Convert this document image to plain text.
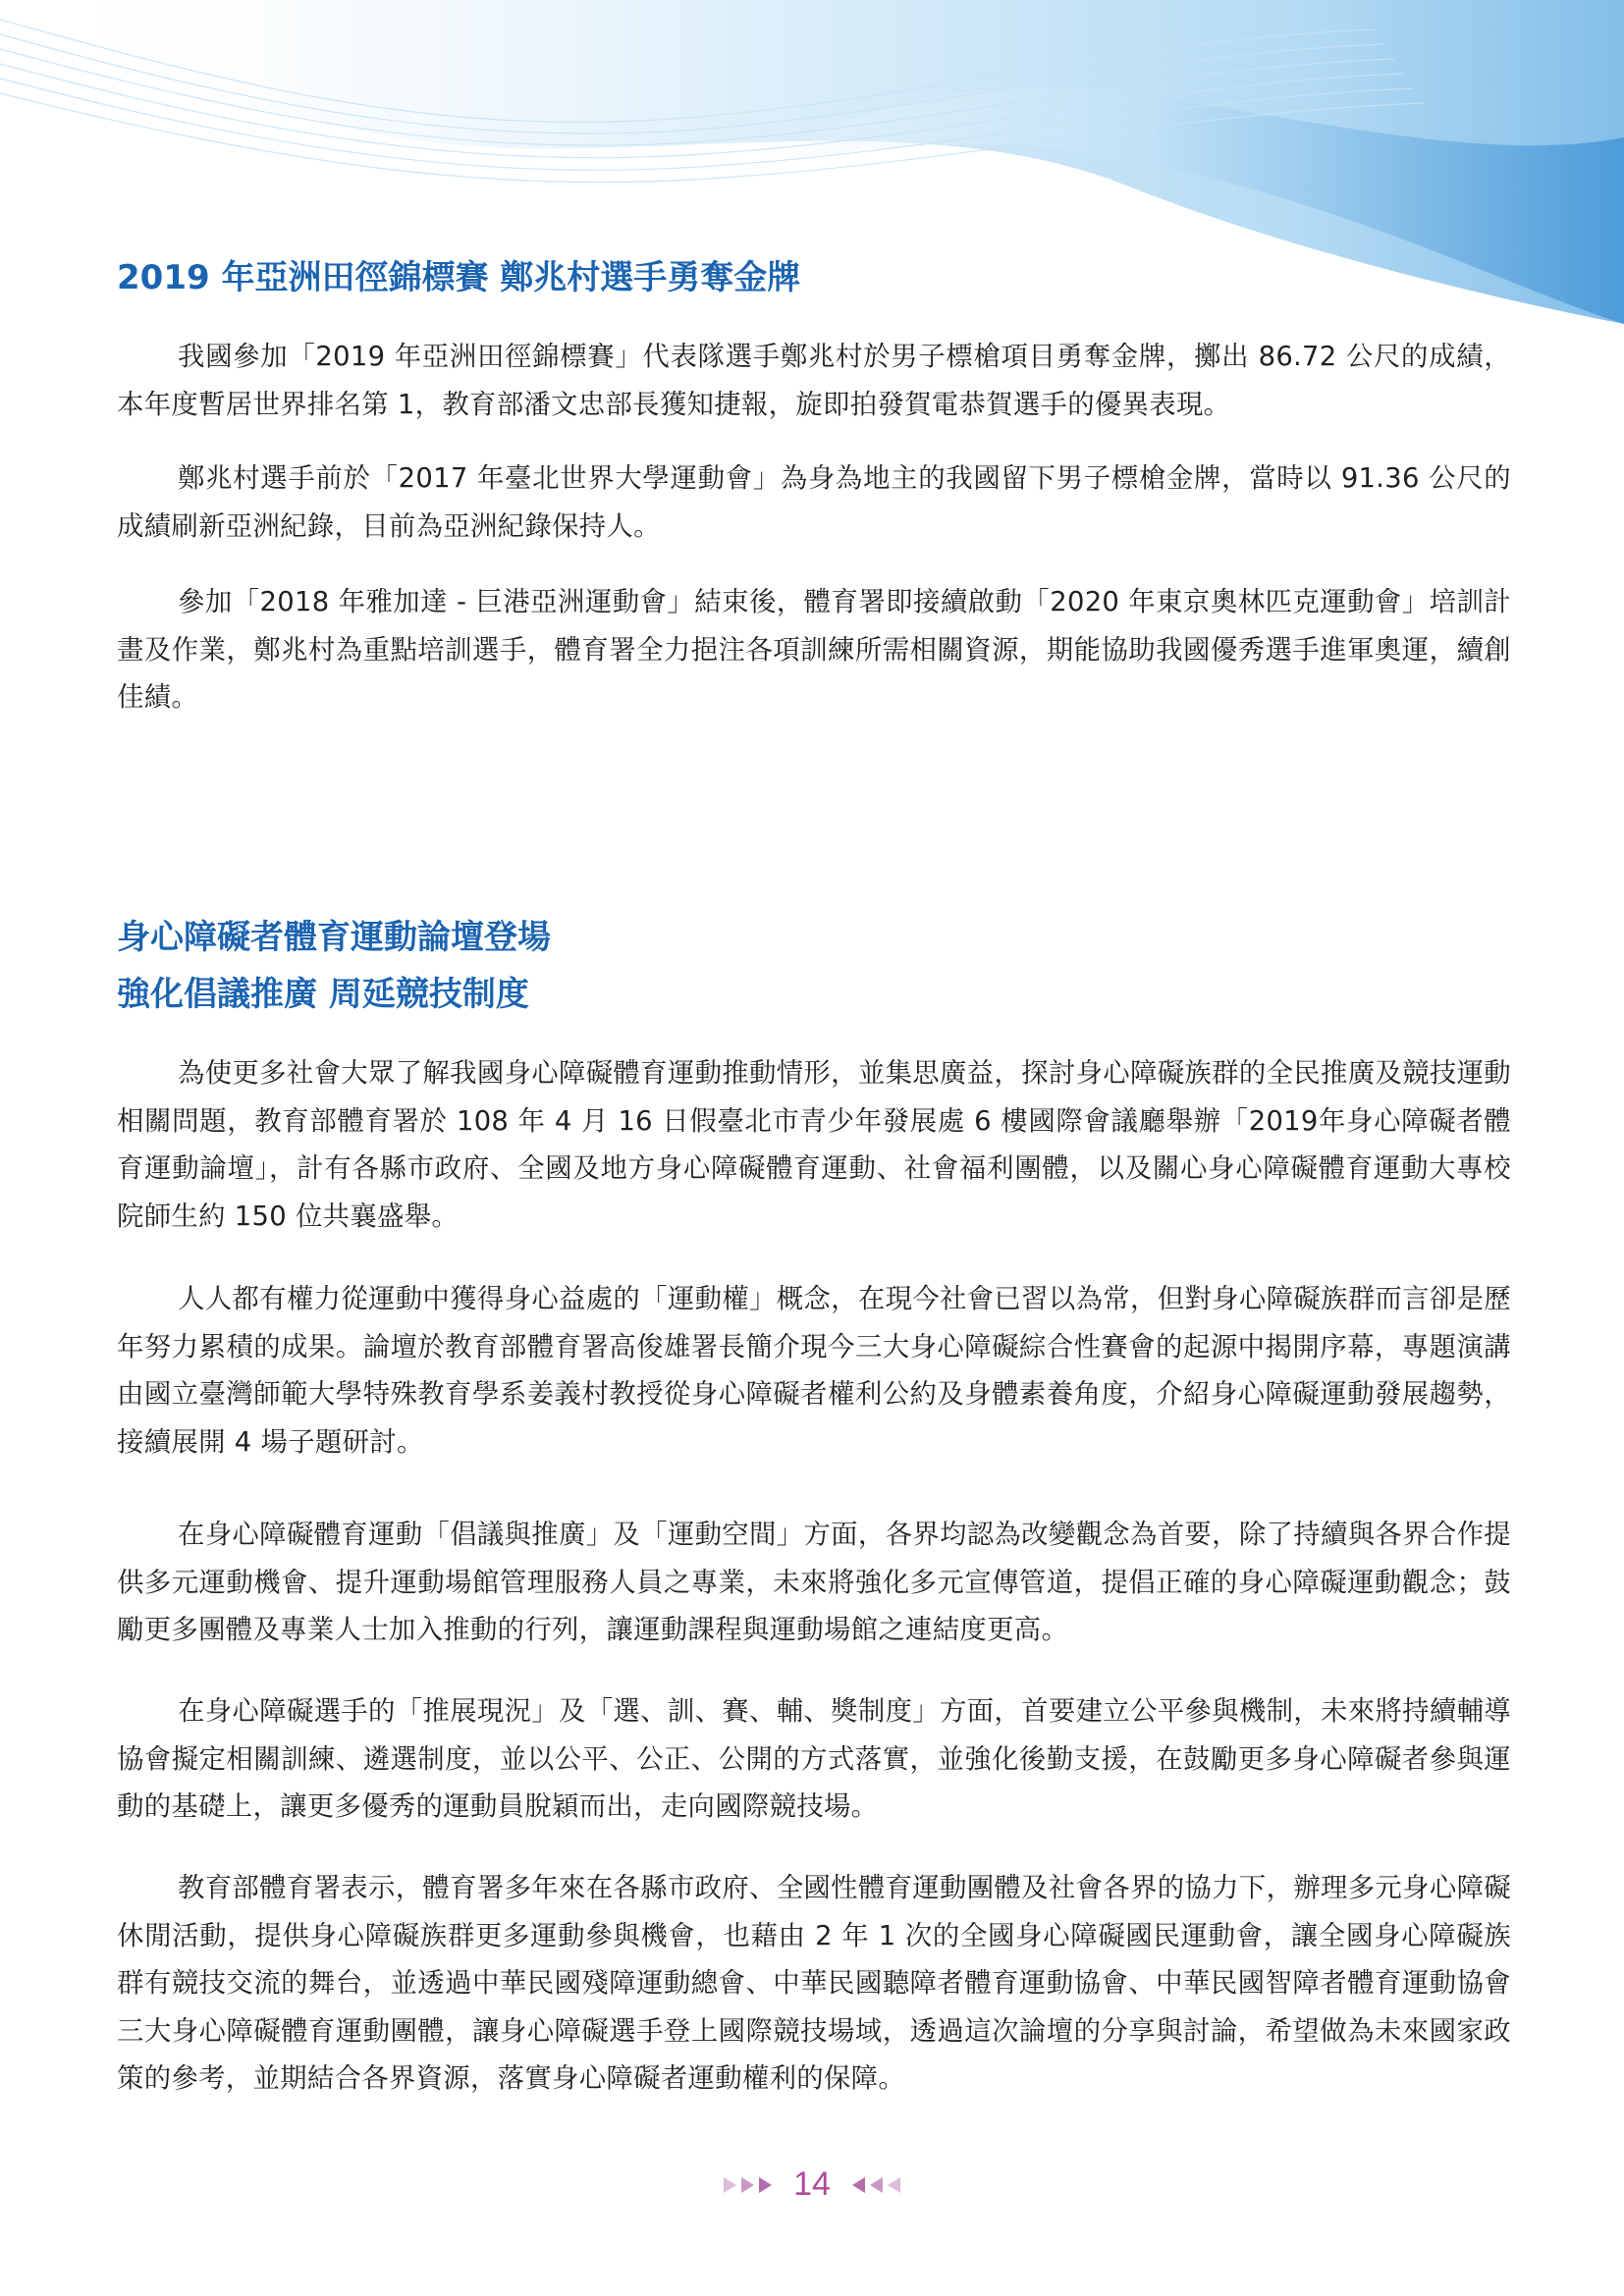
2019 年亞洲田徑錦標賽 鄭兆村選手勇奪金牌

我國參加「2019 年亞洲田徑錦標賽」代表隊選手鄭兆村於男子標槍項目勇奪金牌，擲出 86.72 公尺的成績，本年度暫居世界排名第 1，教育部潘文忠部長獲知捷報，旋即拍發賀電恭賀選手的優異表現。

鄭兆村選手前於「2017 年臺北世界大學運動會」為身為地主的我國留下男子標槍金牌，當時以 91.36 公尺的成績刷新亞洲紀錄，目前為亞洲紀錄保持人。

參加「2018 年雅加達 - 巨港亞洲運動會」結束後，體育署即接續啟動「2020 年東京奧林匹克運動會」培訓計畫及作業，鄭兆村為重點培訓選手，體育署全力挹注各項訓練所需相關資源，期能協助我國優秀選手進軍奧運，續創佳績。

身心障礙者體育運動論壇登場
強化倡議推廣 周延競技制度

為使更多社會大眾了解我國身心障礙體育運動推動情形，並集思廣益，探討身心障礙族群的全民推廣及競技運動相關問題，教育部體育署於 108 年 4 月 16 日假臺北市青少年發展處 6 樓國際會議廳舉辦「2019年身心障礙者體育運動論壇」，計有各縣市政府、全國及地方身心障礙體育運動、社會福利團體，以及關心身心障礙體育運動大專校院師生約 150 位共襄盛舉。

人人都有權力從運動中獲得身心益處的「運動權」概念，在現今社會已習以為常，但對身心障礙族群而言卻是歷年努力累積的成果。論壇於教育部體育署高俊雄署長簡介現今三大身心障礙綜合性賽會的起源中揭開序幕，專題演講由國立臺灣師範大學特殊教育學系姜義村教授從身心障礙者權利公約及身體素養角度，介紹身心障礙運動發展趨勢，接續展開 4 場子題研討。

在身心障礙體育運動「倡議與推廣」及「運動空間」方面，各界均認為改變觀念為首要，除了持續與各界合作提供多元運動機會、提升運動場館管理服務人員之專業，未來將強化多元宣傳管道，提倡正確的身心障礙運動觀念；鼓勵更多團體及專業人士加入推動的行列，讓運動課程與運動場館之連結度更高。

在身心障礙選手的「推展現況」及「選、訓、賽、輔、獎制度」方面，首要建立公平參與機制，未來將持續輔導協會擬定相關訓練、遴選制度，並以公平、公正、公開的方式落實，並強化後勤支援，在鼓勵更多身心障礙者參與運動的基礎上，讓更多優秀的運動員脫穎而出，走向國際競技場。

教育部體育署表示，體育署多年來在各縣市政府、全國性體育運動團體及社會各界的協力下，辦理多元身心障礙休閒活動，提供身心障礙族群更多運動參與機會，也藉由 2 年 1 次的全國身心障礙國民運動會，讓全國身心障礙族群有競技交流的舞台，並透過中華民國殘障運動總會、中華民國聽障者體育運動協會、中華民國智障者體育運動協會三大身心障礙體育運動團體，讓身心障礙選手登上國際競技場域，透過這次論壇的分享與討論，希望做為未來國家政策的參考，並期結合各界資源，落實身心障礙者運動權利的保障。

14
